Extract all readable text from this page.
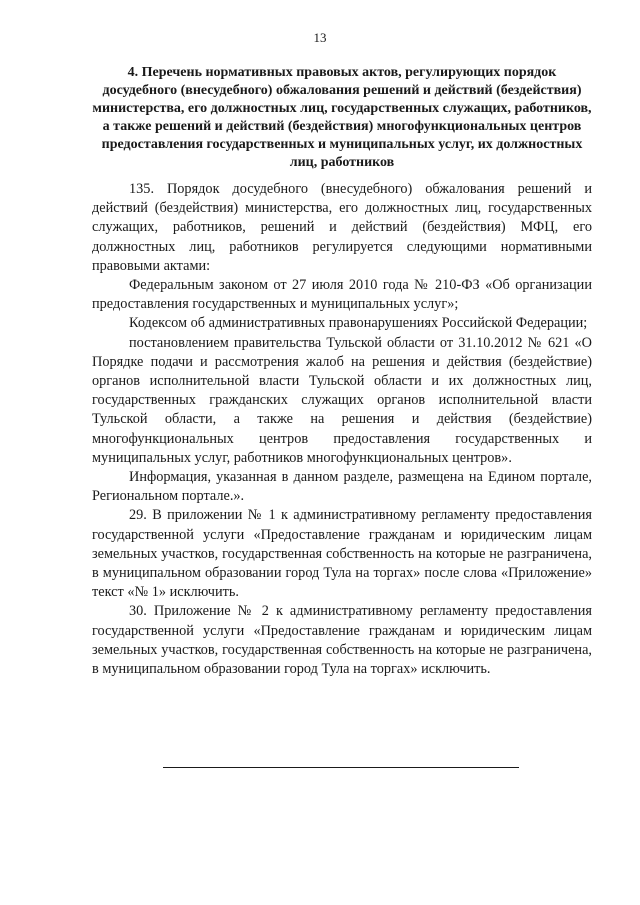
13
4. Перечень нормативных правовых актов, регулирующих порядок досудебного (внесудебного) обжалования решений и действий (бездействия) министерства, его должностных лиц, государственных служащих, работников, а также решений и действий (бездействия) многофункциональных центров предоставления государственных и муниципальных услуг, их должностных лиц, работников

135. Порядок досудебного (внесудебного) обжалования решений и действий (бездействия) министерства, его должностных лиц, государственных служащих, работников, решений и действий (бездействия) МФЦ, его должностных лиц, работников регулируется следующими нормативными правовыми актами:

Федеральным законом от 27 июля 2010 года № 210-ФЗ «Об организации предоставления государственных и муниципальных услуг»;

Кодексом об административных правонарушениях Российской Федерации;

постановлением правительства Тульской области от 31.10.2012 № 621 «О Порядке подачи и рассмотрения жалоб на решения и действия (бездействие) органов исполнительной власти Тульской области и их должностных лиц, государственных гражданских служащих органов исполнительной власти Тульской области, а также на решения и действия (бездействие) многофункциональных центров предоставления государственных и муниципальных услуг, работников многофункциональных центров».

Информация, указанная в данном разделе, размещена на Едином портале, Региональном портале.».

29. В приложении № 1 к административному регламенту предоставления государственной услуги «Предоставление гражданам и юридическим лицам земельных участков, государственная собственность на которые не разграничена, в муниципальном образовании город Тула на торгах» после слова «Приложение» текст «№ 1» исключить.

30. Приложение № 2 к административному регламенту предоставления государственной услуги «Предоставление гражданам и юридическим лицам земельных участков, государственная собственность на которые не разграничена, в муниципальном образовании город Тула на торгах» исключить.
